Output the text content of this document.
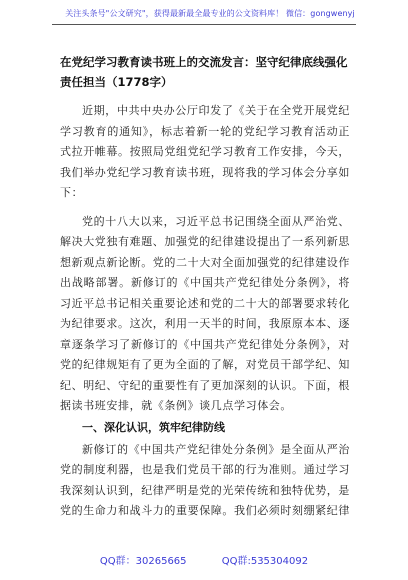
关注头条号"公文研究"，获得最新最全最专业的公文资料库！ 微信：gongwenyj

在党纪学习教育读书班上的交流发言：坚守纪律底线强化责任担当（1778字）

近期，中共中央办公厅印发了《关于在全党开展党纪学习教育的通知》，标志着新一轮的党纪学习教育活动正式拉开帷幕。按照局党组党纪学习教育工作安排，今天，我们举办党纪学习教育读书班，现将我的学习体会分享如下：

党的十八大以来，习近平总书记围绕全面从严治党、解决大党独有难题、加强党的纪律建设提出了一系列新思想新观点新论断。党的二十大对全面加强党的纪律建设作出战略部署。新修订的《中国共产党纪律处分条例》，将习近平总书记相关重要论述和党的二十大的部署要求转化为纪律要求。这次，利用一天半的时间，我原原本本、逐章逐条学习了新修订的《中国共产党纪律处分条例》，对党的纪律规矩有了更为全面的了解，对党员干部学纪、知纪、明纪、守纪的重要性有了更加深刻的认识。下面，根据读书班安排，就《条例》谈几点学习体会。

一、深化认识，筑牢纪律防线

新修订的《中国共产党纪律处分条例》是全面从严治党的制度利器，也是我们党员干部的行为准则。通过学习我深刻认识到，纪律严明是党的光荣传统和独特优势，是党的生命力和战斗力的重要保障。我们必须时刻绷紧纪律

QQ群：30265665	QQ群:535304092
